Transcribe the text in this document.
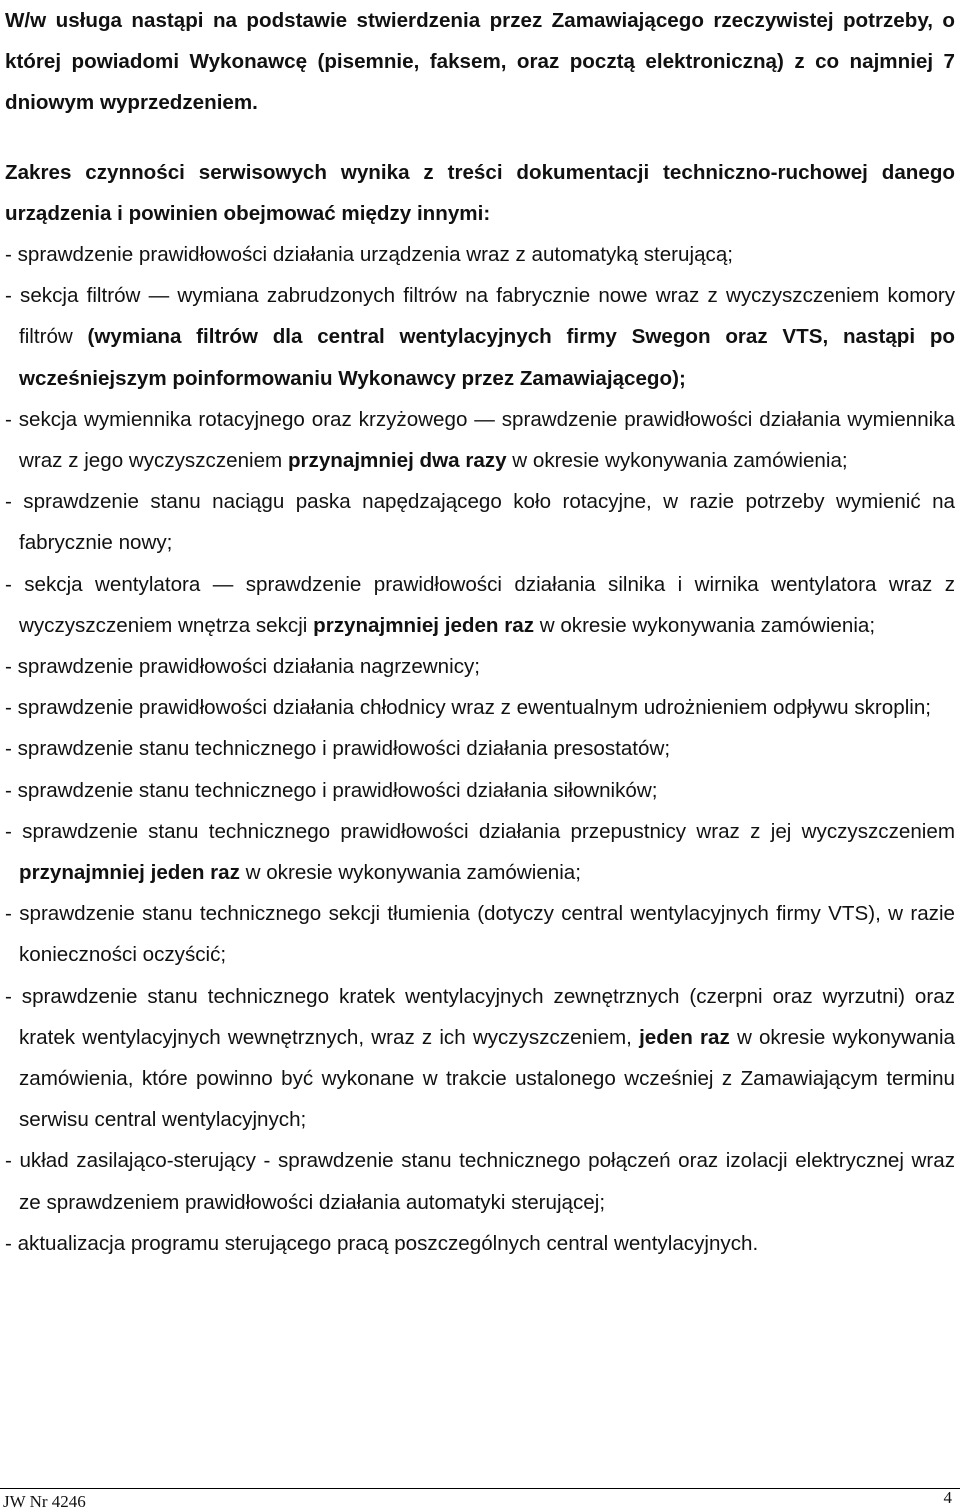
W/w usługa nastąpi na podstawie stwierdzenia przez Zamawiającego rzeczywistej potrzeby, o której powiadomi Wykonawcę (pisemnie, faksem, oraz pocztą elektroniczną) z co najmniej 7 dniowym wyprzedzeniem.

Zakres czynności serwisowych wynika z treści dokumentacji techniczno-ruchowej danego urządzenia i powinien obejmować między innymi:

- sprawdzenie prawidłowości działania urządzenia wraz z automatyką sterującą;

- sekcja filtrów — wymiana zabrudzonych filtrów na fabrycznie nowe wraz z wyczyszczeniem komory filtrów (wymiana filtrów dla central wentylacyjnych firmy Swegon oraz VTS, nastąpi po wcześniejszym poinformowaniu Wykonawcy przez Zamawiającego);

- sekcja wymiennika rotacyjnego oraz krzyżowego — sprawdzenie prawidłowości działania wymiennika wraz z jego wyczyszczeniem przynajmniej dwa razy w okresie wykonywania zamówienia;

- sprawdzenie stanu naciągu paska napędzającego koło rotacyjne, w razie potrzeby wymienić na fabrycznie nowy;

- sekcja wentylatora — sprawdzenie prawidłowości działania silnika i wirnika wentylatora wraz z wyczyszczeniem wnętrza sekcji przynajmniej jeden raz w okresie wykonywania zamówienia;

- sprawdzenie prawidłowości działania nagrzewnicy;

- sprawdzenie prawidłowości działania chłodnicy wraz z ewentualnym udrożnieniem odpływu skroplin;

- sprawdzenie stanu technicznego i prawidłowości działania presostatów;

- sprawdzenie stanu technicznego i prawidłowości działania siłowników;

- sprawdzenie stanu technicznego prawidłowości działania przepustnicy wraz z jej wyczyszczeniem przynajmniej jeden raz w okresie wykonywania zamówienia;

- sprawdzenie stanu technicznego sekcji tłumienia (dotyczy central wentylacyjnych firmy VTS), w razie konieczności oczyścić;

- sprawdzenie stanu technicznego kratek wentylacyjnych zewnętrznych (czerpni oraz wyrzutni) oraz kratek wentylacyjnych wewnętrznych, wraz z ich wyczyszczeniem, jeden raz w okresie wykonywania zamówienia, które powinno być wykonane w trakcie ustalonego wcześniej z Zamawiającym terminu serwisu central wentylacyjnych;

- układ zasilająco-sterujący - sprawdzenie stanu technicznego połączeń oraz izolacji elektrycznej wraz ze sprawdzeniem prawidłowości działania automatyki sterującej;

- aktualizacja programu sterującego pracą poszczególnych central wentylacyjnych.

JW Nr 4246	4
